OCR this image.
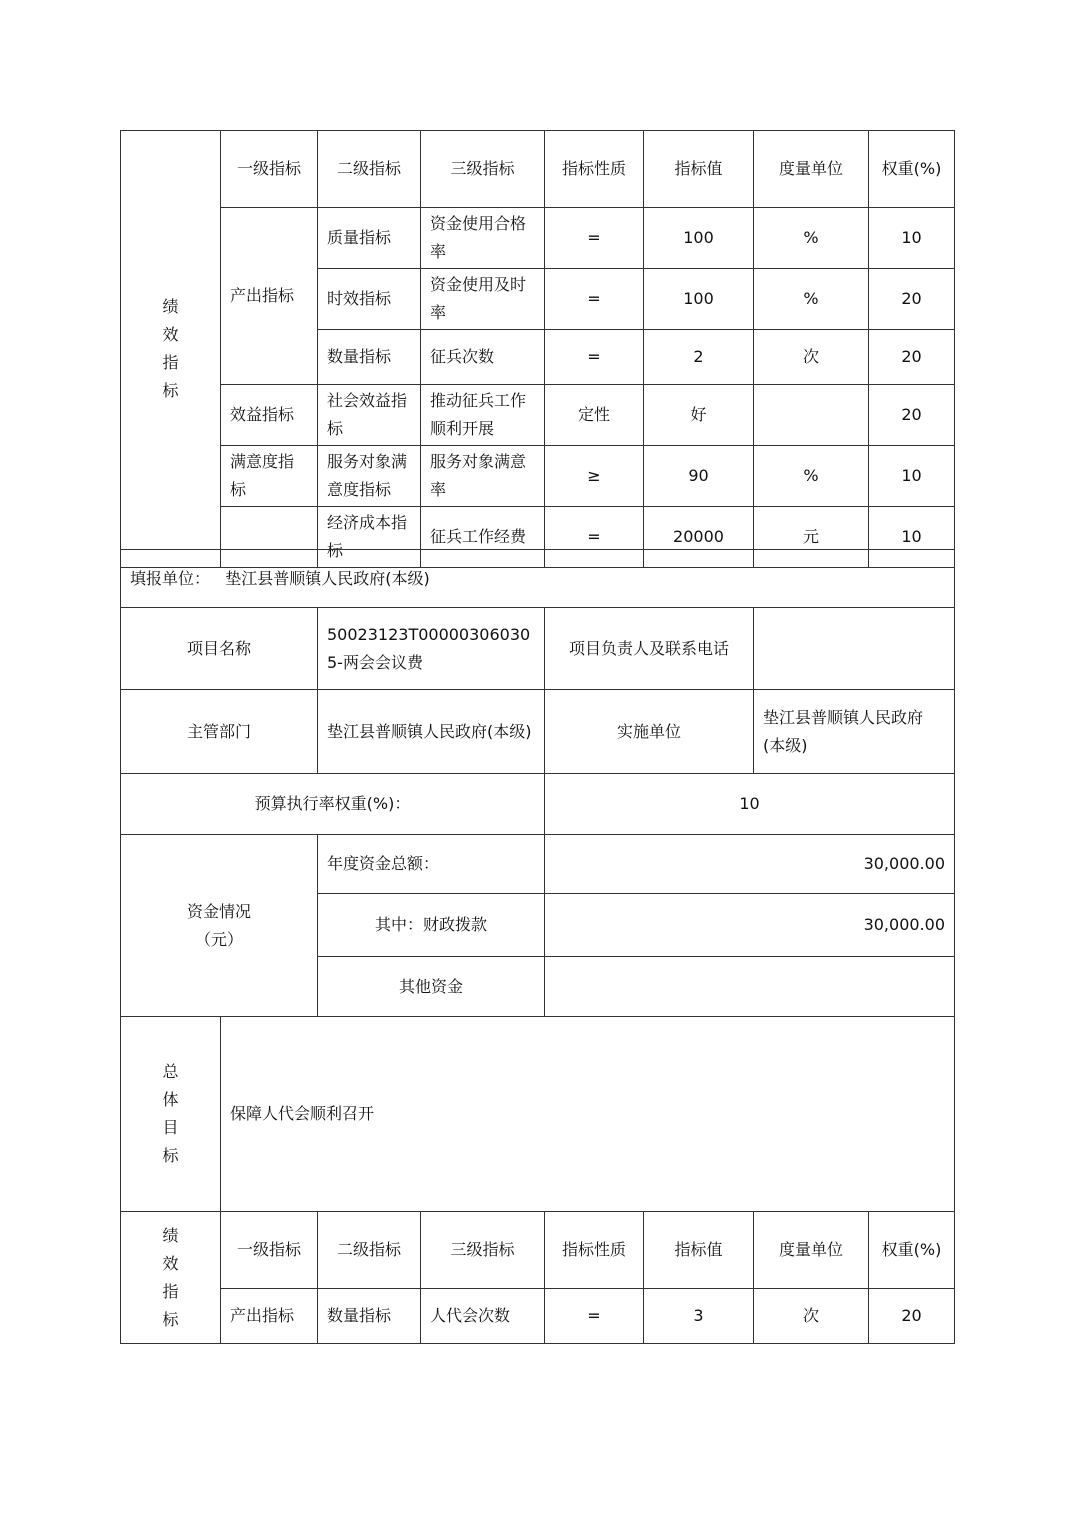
绩
效
指
标	一级指标	二级指标	三级指标	指标性质	指标值	度量单位	权重(%)
	产出指标	质量指标	资金使用合格率	=	100	%	10
		时效指标	资金使用及时率	=	100	%	20
		数量指标	征兵次数	=	2	次	20
	效益指标	社会效益指标	推动征兵工作顺利开展	定性	好		20
	满意度指标	服务对象满意度指标	服务对象满意率	≥	90	%	10
		经济成本指标	征兵工作经费	=	20000	元	10
填报单位： 垫江县普顺镇人民政府(本级)							
项目名称		50023123T000003060305-两会会议费		项目负责人及联系电话			
主管部门		垫江县普顺镇人民政府(本级)		实施单位		垫江县普顺镇人民政府(本级)	
预算执行率权重(%)：				10			

资金情况
（元）		年度资金总额：		30,000.00			
		其中：财政拨款		30,000.00			
		其他资金					

总
体
目
标	保障人代会顺利召开						

绩
效
指
标	一级指标	二级指标	三级指标	指标性质	指标值	度量单位	权重(%)
	产出指标	数量指标	人代会次数	=	3	次	20
